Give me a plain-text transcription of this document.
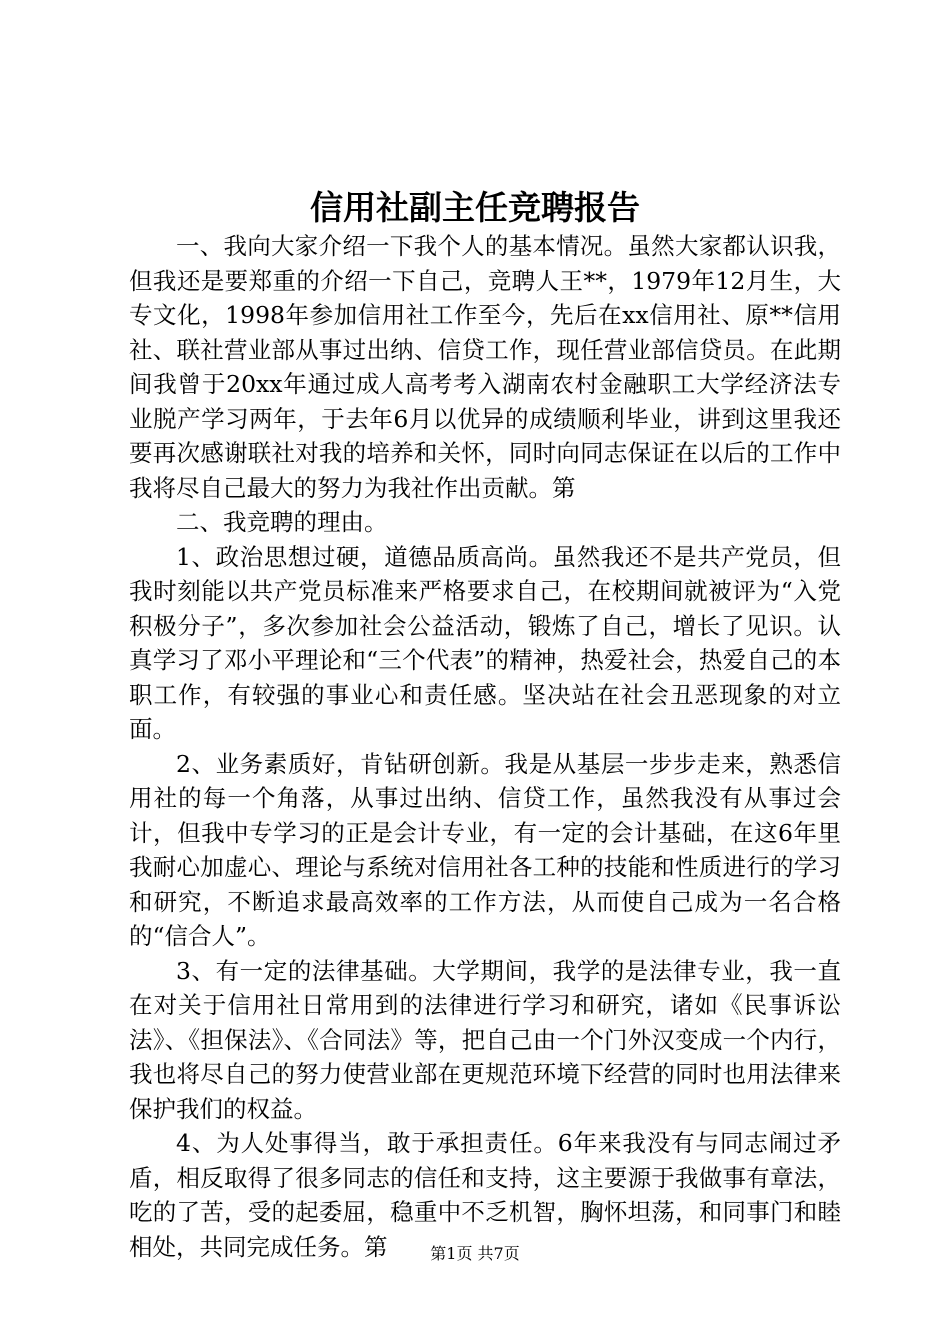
信用社副主任竞聘报告

一、我向大家介绍一下我个人的基本情况。虽然大家都认识我，但我还是要郑重的介绍一下自己，竞聘人王**，1979年12月生，大专文化，1998年参加信用社工作至今，先后在xx信用社、原**信用社、联社营业部从事过出纳、信贷工作，现任营业部信贷员。在此期间我曾于20xx年通过成人高考考入湖南农村金融职工大学经济法专业脱产学习两年，于去年6月以优异的成绩顺利毕业，讲到这里我还要再次感谢联社对我的培养和关怀，同时向同志保证在以后的工作中我将尽自己最大的努力为我社作出贡献。第

二、我竞聘的理由。

1、政治思想过硬，道德品质高尚。虽然我还不是共产党员，但我时刻能以共产党员标准来严格要求自己，在校期间就被评为“入党积极分子”，多次参加社会公益活动，锻炼了自己，增长了见识。认真学习了邓小平理论和“三个代表”的精神，热爱社会，热爱自己的本职工作，有较强的事业心和责任感。坚决站在社会丑恶现象的对立面。

2、业务素质好，肯钻研创新。我是从基层一步步走来，熟悉信用社的每一个角落，从事过出纳、信贷工作，虽然我没有从事过会计，但我中专学习的正是会计专业，有一定的会计基础，在这6年里我耐心加虚心、理论与系统对信用社各工种的技能和性质进行的学习和研究，不断追求最高效率的工作方法，从而使自己成为一名合格的“信合人”。

3、有一定的法律基础。大学期间，我学的是法律专业，我一直在对关于信用社日常用到的法律进行学习和研究，诸如《民事诉讼法》、《担保法》、《合同法》等，把自己由一个门外汉变成一个内行，我也将尽自己的努力使营业部在更规范环境下经营的同时也用法律来保护我们的权益。

4、为人处事得当，敢于承担责任。6年来我没有与同志闹过矛盾，相反取得了很多同志的信任和支持，这主要源于我做事有章法，吃的了苦，受的起委屈，稳重中不乏机智，胸怀坦荡，和同事门和睦相处，共同完成任务。第	第1页 共7页
